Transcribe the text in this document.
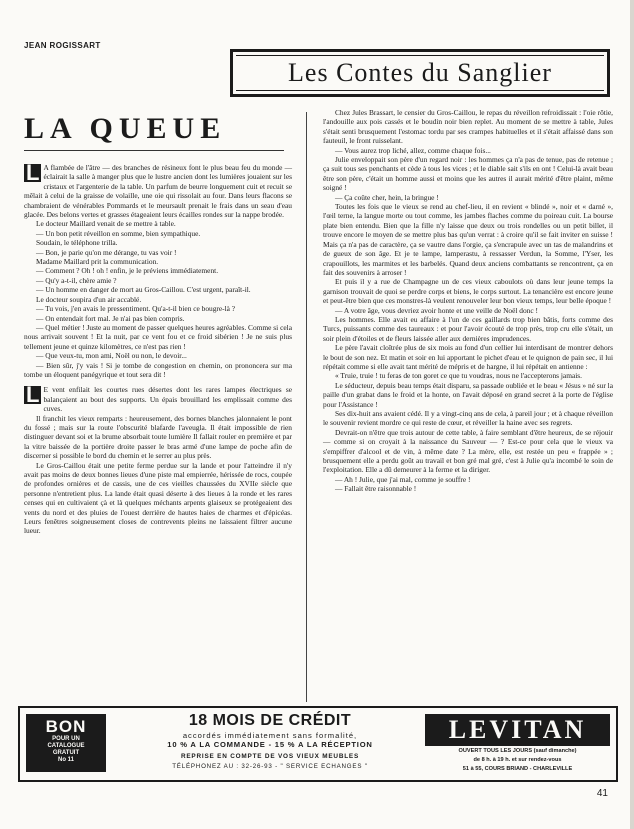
JEAN ROGISSART
Les Contes du Sanglier
LA QUEUE

L A flambée de l'âtre — des branches de résineux font le plus beau feu du monde — éclairait la salle à manger plus que le lustre ancien dont les lumières jouaient sur les cristaux et l'argenterie de la table. Un parfum de beurre longuement cuit et recuit se mêlait à celui de la graisse de volaille, une oie qui rissolait au four. Dans leurs flacons se chambraient de vénérables Pommards et le meursault prenait le frais dans un seau d'eau glacée. Des belons vertes et grasses étageaient leurs écailles rondes sur la nappe brodée.

Le docteur Maillard venait de se mettre à table.

— Un bon petit réveillon en somme, bien sympathique.

Soudain, le téléphone trilla.

— Bon, je parie qu'on me dérange, tu vas voir !

Madame Maillard prit la communication.

— Comment ? Oh ! oh ! enfin, je le préviens immédiatement.

— Qu'y a-t-il, chère amie ?

— Un homme en danger de mort au Gros-Caillou. C'est urgent, paraît-il.

Le docteur soupira d'un air accablé.

— Tu vois, j'en avais le pressentiment. Qu'a-t-il bien ce bougre-là ?

— On entendait fort mal. Je n'ai pas bien compris.

— Quel métier ! Juste au moment de passer quelques heures agréables. Comme si cela nous arrivait souvent ! Et la nuit, par ce vent fou et ce froid sibérien ! Je ne suis plus tellement jeune et quinze kilomètres, ce n'est pas rien !

— Que veux-tu, mon ami, Noël ou non, le devoir...

— Bien sûr, j'y vais ! Si je tombe de congestion en chemin, on prononcera sur ma tombe un éloquent panégyrique et tout sera dit !

L E vent enfilait les courtes rues désertes dont les rares lampes électriques se balançaient au bout des supports. Un épais brouillard les emplissait comme des cuves.

Il franchit les vieux remparts : heureusement, des bornes blanches jalonnaient le pont du fossé ; mais sur la route l'obscurité blafarde l'aveugla. Il était impossible de rien distinguer devant soi et la brume absorbait toute lumière Il fallait rouler en première et par la vitre baissée de la portière droite passer le bras armé d'une lampe de poche afin de discerner si possible le bord du chemin et le serrer au plus près.

Le Gros-Caillou était une petite ferme perdue sur la lande et pour l'atteindre il n'y avait pas moins de deux bonnes lieues d'une piste mal empierrée, hérissée de rocs, coupée de profondes ornières et de cassis, une de ces vieilles chaussées du XVIIe siècle que personne n'entretient plus. La lande était quasi déserte à des lieues à la ronde et les rares censes qui en cultivaient çà et là quelques méchants arpents glaiseux se protégeaient des vents du nord et des pluies de l'ouest derrière de hautes haies de charmes et d'épicéas. Leurs fenêtres soigneusement closes de contrevents pleins ne laissaient filtrer aucune lueur.

Chez Jules Brassart, le censier du Gros-Caillou, le repas du réveillon refroidissait : l'oie rôtie, l'andouille aux pois cassés et le boudin noir bien replet. Au moment de se mettre à table, Jules s'était senti brusquement l'estomac tordu par ses crampes habituelles et il s'était affaissé dans son fauteuil, le front ruisselant.

— Vous aurez trop liché, allez, comme chaque fois...

Julie enveloppait son père d'un regard noir : les hommes ça n'a pas de tenue, pas de retenue ; ça suit tous ses penchants et cède à tous les vices ; et le diable sait s'ils en ont ! Celui-là avait beau être son père, c'était un homme aussi et moins que les autres il aurait mérité d'être plaint, même soigné !

— Ça coûte cher, hein, la bringue !

Toutes les fois que le vieux se rend au chef-lieu, il en revient « blindé », noir et « darné », l'œil terne, la langue morte ou tout comme, les jambes flaches comme du poireau cuit. La bourse plate bien entendu. Bien que la fille n'y laisse que deux ou trois rondelles ou un petit billet, il trouve encore le moyen de se mettre plus bas qu'un verrat : à croire qu'il se fait inviter en suisse ! Mais ça n'a pas de caractère, ça se vautre dans l'orgie, ça s'encrapule avec un tas de malandrins et de gueux de son âge. Et je te lampe, lamperastu, à ressasser Verdun, la Somme, l'Yser, les crapouillots, les marmites et les barbelés. Quand deux anciens combattants se rencontrent, ça en fait des souvenirs à arroser !

Et puis il y a rue de Champagne un de ces vieux caboulots où dans leur jeune temps la garnison trouvait de quoi se perdre corps et biens, le corps surtout. La tenancière est encore jeune et peut-être bien que ces monstres-là veulent renouveler leur bon vieux temps, leur belle époque !

— A votre âge, vous devriez avoir honte et une veille de Noël donc !

Les hommes. Elle avait eu affaire à l'un de ces gaillards trop bien bâtis, forts comme des Turcs, puissants comme des taureaux : et pour l'avoir écouté de trop près, trop cru elle s'était, un soir plein d'étoiles et de fleurs laissée aller aux dernières imprudences.

Le père l'avait cloîtrée plus de six mois au fond d'un cellier lui interdisant de montrer dehors le bout de son nez. Et matin et soir en lui apportant le pichet d'eau et le quignon de pain sec, il lui répétait comme si elle avait tant mérité de mépris et de hargne, il lui répétait en antienne :

« Truie, truie ! tu feras de ton goret ce que tu voudras, nous ne l'accepterons jamais.

Le séducteur, depuis beau temps était disparu, sa passade oubliée et le beau « Jésus » né sur la paille d'un grabat dans le froid et la honte, on l'avait déposé en grand secret à la porte de l'église pour l'Assistance !

Ses dix-huit ans avaient cédé. Il y a vingt-cinq ans de cela, à pareil jour ; et à chaque réveillon le souvenir revient mordre ce qui reste de cœur, et réveiller la haine avec ses regrets.

Devrait-on n'être que trois autour de cette table, à faire semblant d'être heureux, de se réjouir — comme si on croyait à la naissance du Sauveur — ? Est-ce pour cela que le vieux va s'empiffrer d'alcool et de vin, à même date ? La mère, elle, est restée un peu « frappée » ; brusquement elle a perdu goût au travail et bon gré mal gré, c'est à Julie qu'a incombé le soin de l'exploitation. Elle a dû demeurer à la ferme et la diriger.

— Ah ! Julie, que j'ai mal, comme je souffre !

— Fallait être raisonnable !

BON
POUR UN
CATALOGUE
GRATUIT
No 11
18 MOIS DE CRÉDIT
accordés immédiatement sans formalité,
10 % A LA COMMANDE - 15 % A LA RÉCEPTION
REPRISE EN COMPTE DE VOS VIEUX MEUBLES
TÉLÉPHONEZ AU : 32-26-93 - " SERVICE ECHANGES "
LEVITAN
OUVERT TOUS LES JOURS (sauf dimanche)
de 8 h. à 19 h. et sur rendez-vous
51 à 55, COURS BRIAND - CHARLEVILLE
41
